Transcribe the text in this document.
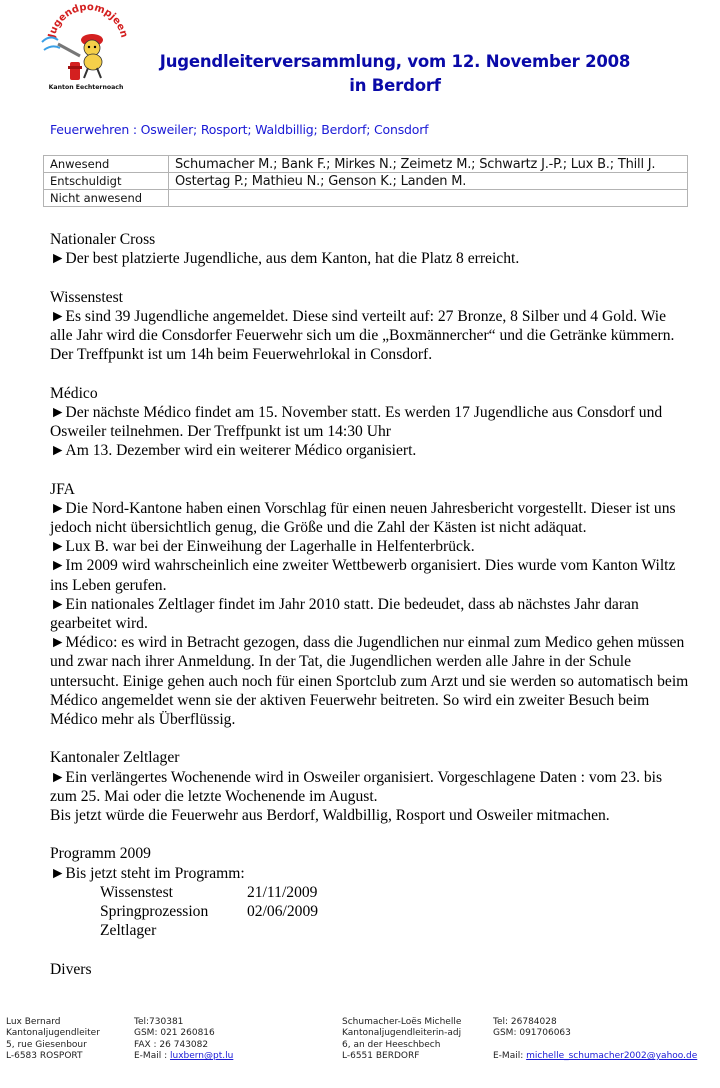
Jugendpompjeen
Kanton Eechternoach
Jugendleiterversammlung, vom 12. November 2008
in Berdorf
Feuerwehren : Osweiler; Rosport; Waldbillig; Berdorf; Consdorf
Anwesend	Schumacher M.; Bank F.; Mirkes N.; Zeimetz M.; Schwartz J.-P.; Lux B.; Thill J.
Entschuldigt	Ostertag P.; Mathieu N.; Genson K.; Landen M.
Nicht anwesend	

Nationaler Cross

►Der best platzierte Jugendliche, aus dem Kanton, hat die Platz 8 erreicht.

Wissenstest

►Es sind 39 Jugendliche angemeldet. Diese sind verteilt auf: 27 Bronze, 8 Silber und 4 Gold. Wie alle Jahr wird die Consdorfer Feuerwehr sich um die „Boxmännercher“ und die Getränke kümmern.

Der Treffpunkt ist um 14h beim Feuerwehrlokal in Consdorf.

Médico

►Der nächste Médico findet am 15. November statt. Es werden 17 Jugendliche aus Consdorf und Osweiler teilnehmen. Der Treffpunkt ist um 14:30 Uhr

►Am 13. Dezember wird ein weiterer Médico organisiert.

JFA

►Die Nord-Kantone haben einen Vorschlag für einen neuen Jahresbericht vorgestellt. Dieser ist uns jedoch nicht übersichtlich genug, die Größe und die Zahl der Kästen ist nicht adäquat.

►Lux B. war bei der Einweihung der Lagerhalle in Helfenterbrück.

►Im 2009 wird wahrscheinlich eine zweiter Wettbewerb organisiert. Dies wurde vom Kanton Wiltz ins Leben gerufen.

►Ein nationales Zeltlager findet im Jahr 2010 statt. Die bedeudet, dass ab nächstes Jahr daran gearbeitet wird.

►Médico: es wird in Betracht gezogen, dass die Jugendlichen nur einmal zum Medico gehen müssen und zwar nach ihrer Anmeldung. In der Tat, die Jugendlichen werden alle Jahre in der Schule untersucht. Einige gehen auch noch für einen Sportclub zum Arzt und sie werden so automatisch beim Médico angemeldet wenn sie der aktiven Feuerwehr beitreten. So wird ein zweiter Besuch beim Médico mehr als Überflüssig.

Kantonaler Zeltlager

►Ein verlängertes Wochenende wird in Osweiler organisiert. Vorgeschlagene Daten : vom 23. bis zum 25. Mai oder die letzte Wochenende im August.

Bis jetzt würde die Feuerwehr aus Berdorf, Waldbillig, Rosport und Osweiler mitmachen.

Programm 2009

►Bis jetzt steht im Programm:

Wissenstest	21/11/2009
Springprozession	02/06/2009
Zeltlager

Divers

Lux Bernard
Kantonaljugendleiter
5, rue Giesenbour
L-6583 ROSPORT
Tel:730381
GSM: 021 260816
FAX : 26 743082
E-Mail : luxbern@pt.lu
Schumacher-Loës Michelle
Kantonaljugendleiterin-adj
6, an der Heeschbech
L-6551 BERDORF
Tel: 26784028
GSM: 091706063

E-Mail: michelle_schumacher2002@yahoo.de
